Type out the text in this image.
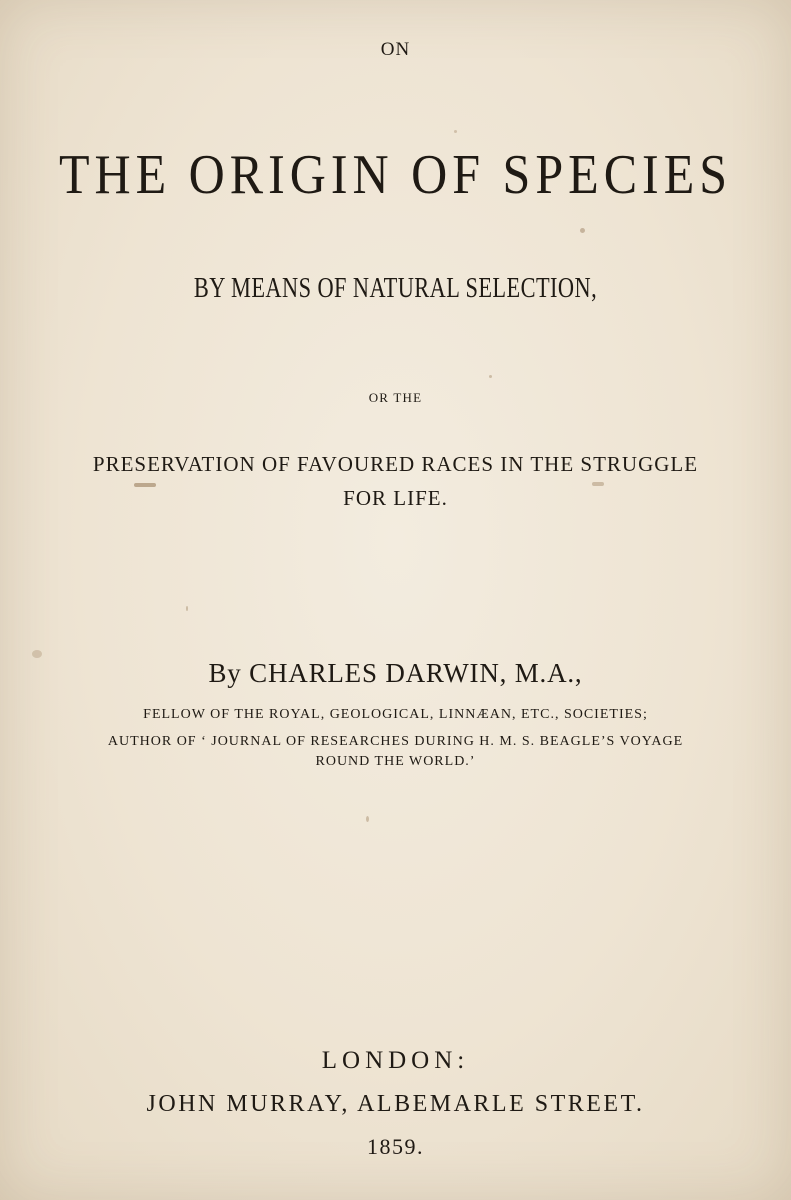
ON
THE ORIGIN OF SPECIES
BY MEANS OF NATURAL SELECTION,
OR THE
PRESERVATION OF FAVOURED RACES IN THE STRUGGLE
FOR LIFE.
By CHARLES DARWIN, M.A.,
FELLOW OF THE ROYAL, GEOLOGICAL, LINNÆAN, ETC., SOCIETIES;
AUTHOR OF ‘ JOURNAL OF RESEARCHES DURING H. M. S. BEAGLE’S VOYAGE
ROUND THE WORLD.’
LONDON:
JOHN MURRAY, ALBEMARLE STREET.
1859.
